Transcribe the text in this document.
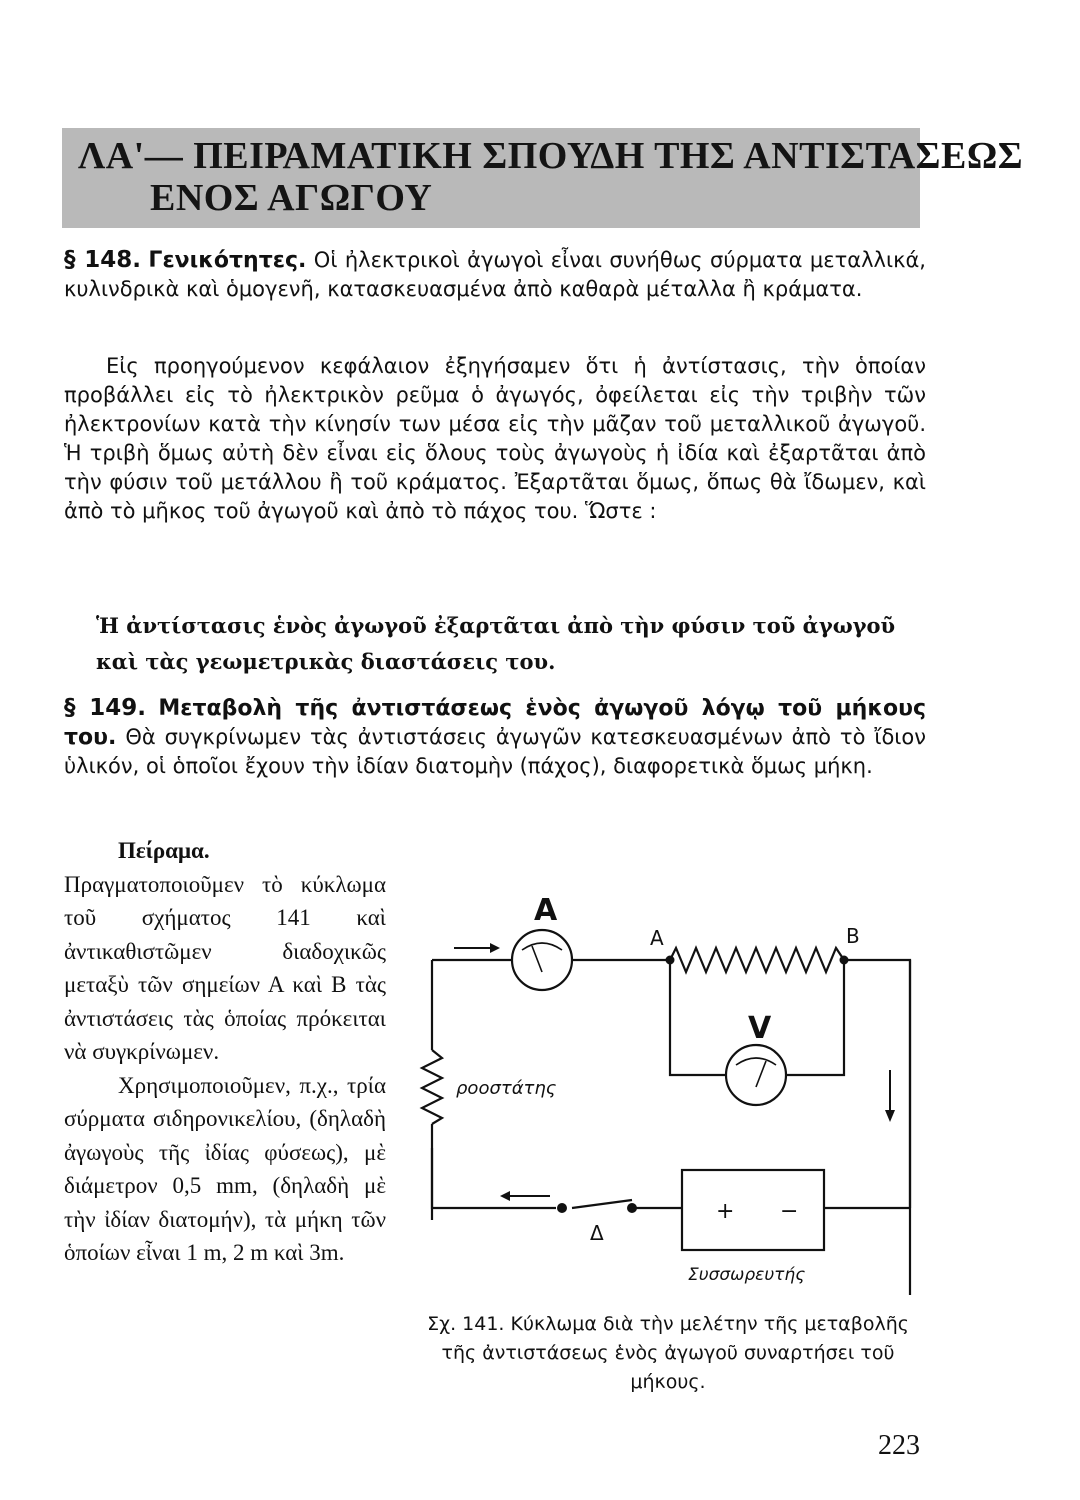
ΛΑ'— ΠΕΙΡΑΜΑΤΙΚΗ ΣΠΟΥΔΗ ΤΗΣ ΑΝΤΙΣΤΑΣΕΩΣ
ΕΝΟΣ ΑΓΩΓΟΥ
§ 148. Γενικότητες. Οἱ ἠλεκτρικοὶ ἀγωγοὶ εἶναι συνήθως σύρματα μεταλλικά, κυλινδρικὰ καὶ ὁμογενῆ, κατασκευασμένα ἀπὸ καθαρὰ μέταλλα ἢ κράματα.
Εἰς προηγούμενον κεφάλαιον ἐξηγήσαμεν ὅτι ἡ ἀντίστασις, τὴν ὁποίαν προβάλλει εἰς τὸ ἠλεκτρικὸν ρεῦμα ὁ ἀγωγός, ὀφείλεται εἰς τὴν τριβὴν τῶν ἠλεκτρονίων κατὰ τὴν κίνησίν των μέσα εἰς τὴν μᾶζαν τοῦ μεταλλικοῦ ἀγωγοῦ. Ἡ τριβὴ ὅμως αὐτὴ δὲν εἶναι εἰς ὅλους τοὺς ἀγωγοὺς ἡ ἰδία καὶ ἐξαρτᾶται ἀπὸ τὴν φύσιν τοῦ μετάλλου ἢ τοῦ κράματος. Ἐξαρτᾶται ὅμως, ὅπως θὰ ἴδωμεν, καὶ ἀπὸ τὸ μῆκος τοῦ ἀγωγοῦ καὶ ἀπὸ τὸ πάχος του. Ὥστε :
Ἡ ἀντίστασις ἑνὸς ἀγωγοῦ ἐξαρτᾶται ἀπὸ τὴν φύσιν τοῦ ἀγωγοῦ καὶ τὰς γεωμετρικὰς διαστάσεις του.
§ 149. Μεταβολὴ τῆς ἀντιστάσεως ἑνὸς ἀγωγοῦ λόγῳ τοῦ μήκους του. Θὰ συγκρίνωμεν τὰς ἀντιστάσεις ἀγωγῶν κατεσκευασμένων ἀπὸ τὸ ἴδιον ὑλικόν, οἱ ὁποῖοι ἔχουν τὴν ἰδίαν διατομὴν (πάχος), διαφορετικὰ ὅμως μήκη.

Πείραμα. Πραγματοποιοῦμεν τὸ κύκλωμα τοῦ σχήματος 141 καὶ ἀντικαθιστῶμεν διαδοχικῶς μεταξὺ τῶν σημείων Α καὶ Β τὰς ἀντιστάσεις τὰς ὁποίας πρόκειται νὰ συγκρίνωμεν.

Χρησιμοποιοῦμεν, π.χ., τρία σύρματα σιδηρονικελίου, (δηλαδὴ ἀγωγοὺς τῆς ἰδίας φύσεως), μὲ διάμετρον 0,5 mm, (δηλαδὴ μὲ τὴν ἰδίαν διατομήν), τὰ μήκη τῶν ὁποίων εἶναι 1 m, 2 m καὶ 3m.

A
V
A	B
ροοστάτης
Δ
+ −
Συσσωρευτής
Σχ. 141. Κύκλωμα διὰ τὴν μελέτην τῆς μεταβολῆς τῆς ἀντιστάσεως ἑνὸς ἀγωγοῦ συναρτήσει τοῦ μήκους.
223
